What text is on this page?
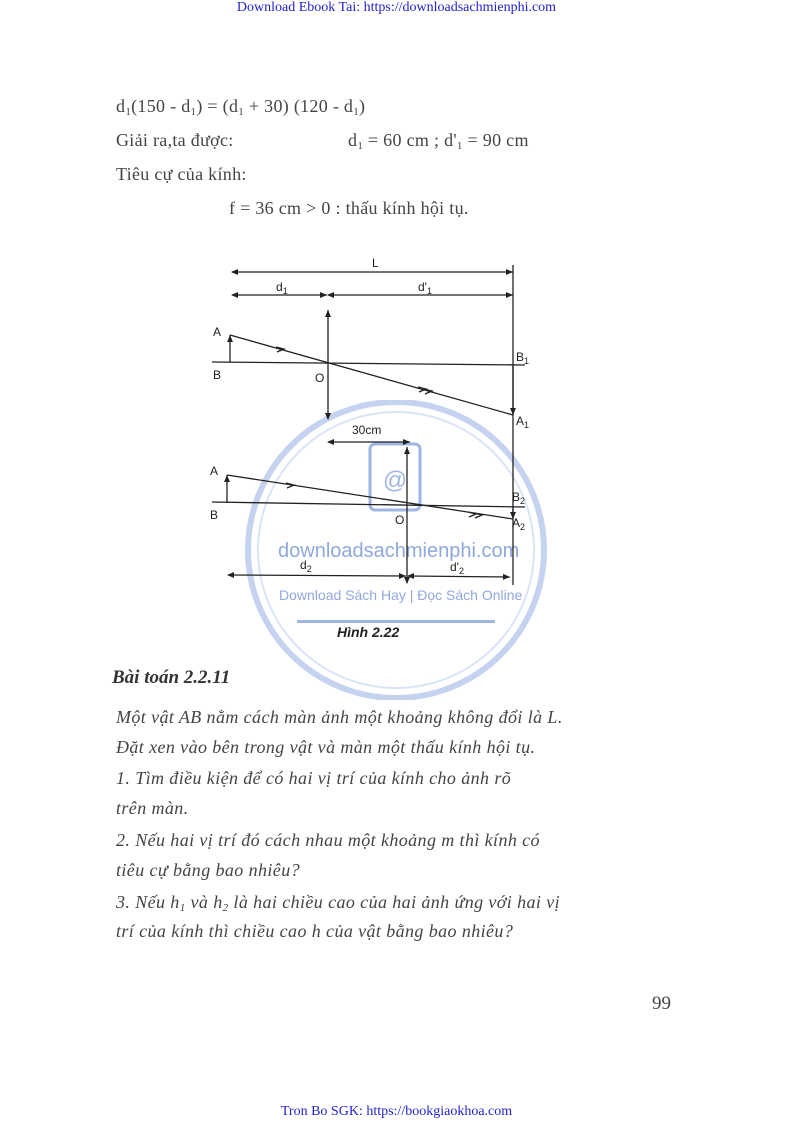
Download Ebook Tai: https://downloadsachmienphi.com
Tron Bo SGK: https://bookgiaokhoa.com
$d_1(150 - d_1) = (d_1 + 30)$ $(120 - d_1)$
Giải ra,ta được:	$d_1 = 60$ cm ; $d'_1 = 90$ cm
Tiêu cự của kính:
f = 36 cm > 0 : thấu kính hội tụ.
@
downloadsachmienphi.com
Download Sách Hay | Đọc Sách Online
L
$d_1$	$d'_1$
A
B	O
$B_1$
$A_1$
30cm
A
B	O
$B_2$
$A_2$
$d_2$	$d'_2$
Hình 2.22
Bài toán 2.2.11
Một vật AB nằm cách màn ảnh một khoảng không đổi là L.
Đặt xen vào bên trong vật và màn một thấu kính hội tụ.
1. Tìm điều kiện để có hai vị trí của kính cho ảnh rõ
trên màn.
2. Nếu hai vị trí đó cách nhau một khoảng m thì kính có
tiêu cự bằng bao nhiêu?
3. Nếu $h_1$ và $h_2$ là hai chiều cao của hai ảnh ứng với hai vị
trí của kính thì chiều cao h của vật bằng bao nhiêu?
99
